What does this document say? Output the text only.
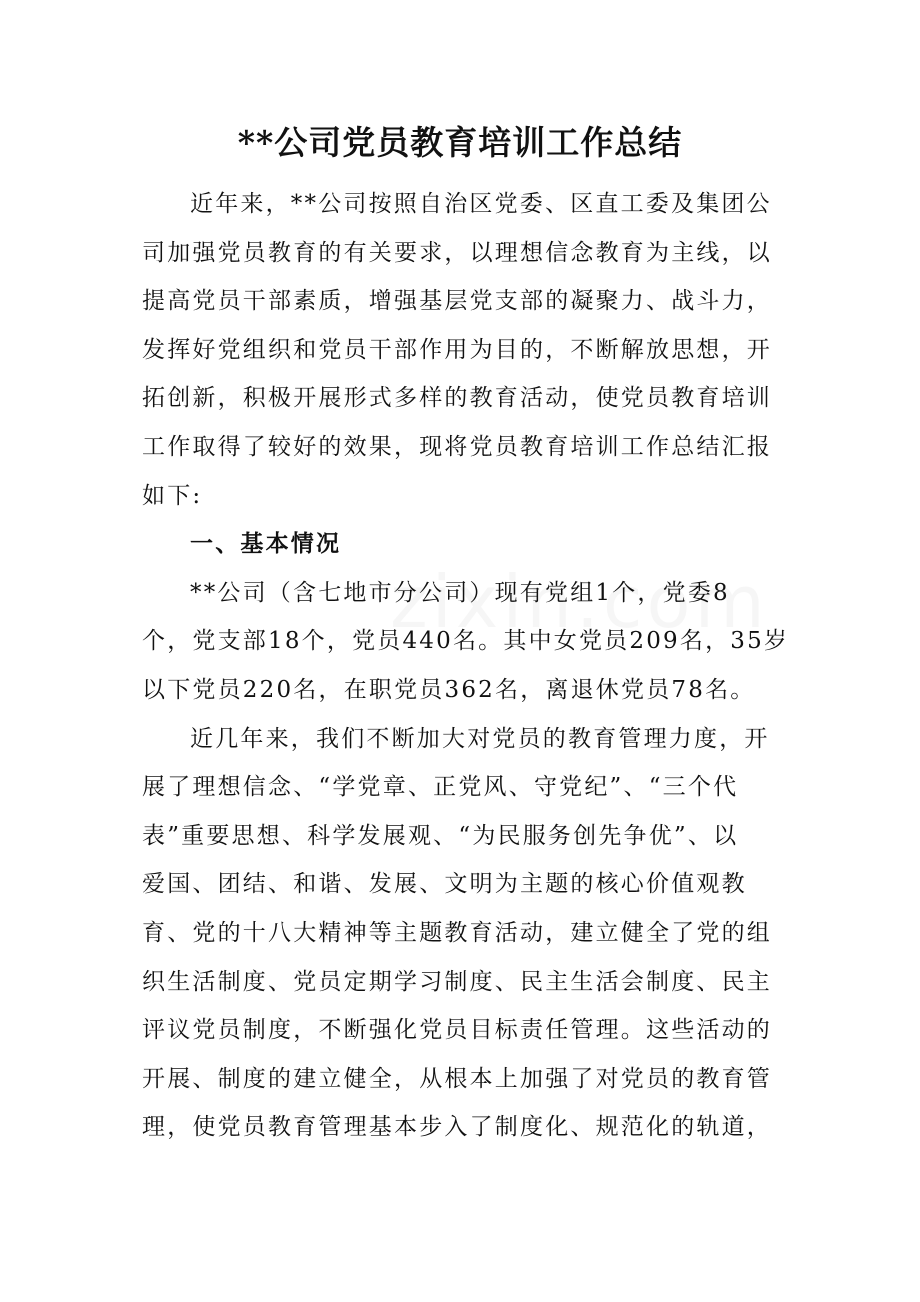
**公司党员教育培训工作总结
近年来，**公司按照自治区党委、区直工委及集团公
司加强党员教育的有关要求，以理想信念教育为主线，以
提高党员干部素质，增强基层党支部的凝聚力、战斗力，
发挥好党组织和党员干部作用为目的，不断解放思想，开
拓创新，积极开展形式多样的教育活动，使党员教育培训
工作取得了较好的效果，现将党员教育培训工作总结汇报
如下:
一、基本情况
**公司（含七地市分公司）现有党组1个，党委8
个，党支部18个，党员440名。其中女党员209名，35岁
以下党员220名，在职党员362名，离退休党员78名。
近几年来，我们不断加大对党员的教育管理力度，开
展了理想信念、“学党章、正党风、守党纪”、“三个代
表”重要思想、科学发展观、“为民服务创先争优”、以
爱国、团结、和谐、发展、文明为主题的核心价值观教
育、党的十八大精神等主题教育活动，建立健全了党的组
织生活制度、党员定期学习制度、民主生活会制度、民主
评议党员制度，不断强化党员目标责任管理。这些活动的
开展、制度的建立健全，从根本上加强了对党员的教育管
理，使党员教育管理基本步入了制度化、规范化的轨道，
